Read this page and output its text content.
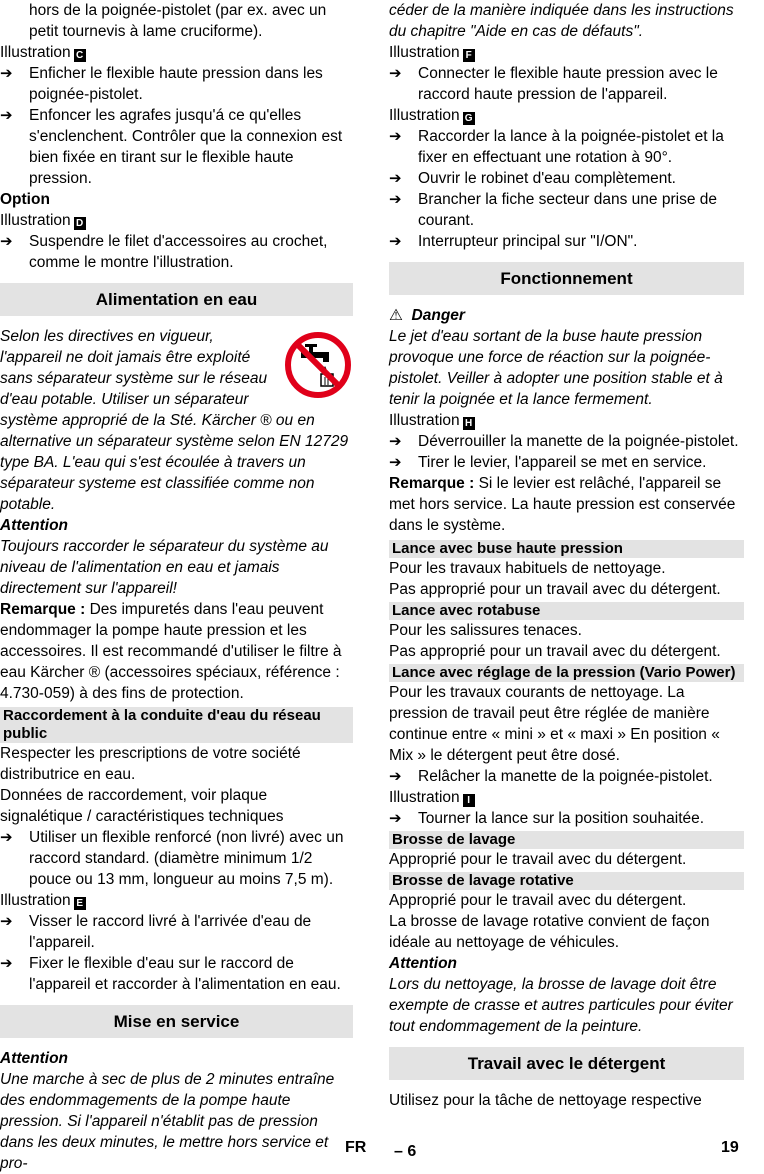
hors de la poignée-pistolet (par ex. avec un petit tournevis à lame cruciforme).

Illustration C

➔	Enficher le flexible haute pression dans les poignée-pistolet.
➔	Enfoncer les agrafes jusqu'á ce qu'elles s'enclenchent. Contrôler que la connexion est bien fixée en tirant sur le flexible haute pression.

Option

Illustration D

➔	Suspendre le filet d'accessoires au crochet, comme le montre l'illustration.
Alimentation en eau

Selon les directives en vigueur, l'appareil ne doit jamais être exploité sans séparateur système sur le réseau d'eau potable. Utiliser un séparateur système approprié de la Sté. Kärcher ® ou en alternative un séparateur système selon EN 12729 type BA. L'eau qui s'est écoulée à travers un séparateur systeme est classifiée comme non potable.

Attention

Toujours raccorder le séparateur du système au niveau de l'alimentation en eau et jamais directement sur l'appareil!

Remarque : Des impuretés dans l'eau peuvent endommager la pompe haute pression et les accessoires. Il est recommandé d'utiliser le filtre à eau Kärcher ® (accessoires spéciaux, référence : 4.730-059) à des fins de protection.

Raccordement à la conduite d'eau du réseau public

Respecter les prescriptions de votre société distributrice en eau.

Données de raccordement, voir plaque signalétique / caractéristiques techniques

➔	Utiliser un flexible renforcé (non livré) avec un raccord standard. (diamètre minimum 1/2 pouce ou 13 mm, longueur au moins 7,5 m).

Illustration E

➔	Visser le raccord livré à l'arrivée d'eau de l'appareil.
➔	Fixer le flexible d'eau sur le raccord de l'appareil et raccorder à l'alimentation en eau.
Mise en service

Attention

Une marche à sec de plus de 2 minutes entraîne des endommagements de la pompe haute pression. Si l'appareil n'établit pas de pression dans les deux minutes, le mettre hors service et pro-

céder de la manière indiquée dans les instructions du chapitre "Aide en cas de défauts".

Illustration F

➔	Connecter le flexible haute pression avec le raccord haute pression de l'appareil.

Illustration G

➔	Raccorder la lance à la poignée-pistolet et la fixer en effectuant une rotation à 90°.
➔	Ouvrir le robinet d'eau complètement.
➔	Brancher la fiche secteur dans une prise de courant.
➔	Interrupteur principal sur "I/ON".
Fonctionnement

⚠ Danger

Le jet d'eau sortant de la buse haute pression provoque une force de réaction sur la poignée-pistolet. Veiller à adopter une position stable et à tenir la poignée et la lance fermement.

Illustration H

➔	Déverrouiller la manette de la poignée-pistolet.
➔	Tirer le levier, l'appareil se met en service.

Remarque : Si le levier est relâché, l'appareil se met hors service. La haute pression est conservée dans le système.

Lance avec buse haute pression

Pour les travaux habituels de nettoyage.

Pas approprié pour un travail avec du détergent.

Lance avec rotabuse

Pour les salissures tenaces.

Pas approprié pour un travail avec du détergent.

Lance avec réglage de la pression (Vario Power)

Pour les travaux courants de nettoyage. La pression de travail peut être réglée de manière continue entre « mini » et « maxi » En position « Mix » le détergent peut être dosé.

➔	Relâcher la manette de la poignée-pistolet.

Illustration I

➔	Tourner la lance sur la position souhaitée.
Brosse de lavage

Approprié pour le travail avec du détergent.

Brosse de lavage rotative

Approprié pour le travail avec du détergent.

La brosse de lavage rotative convient de façon idéale au nettoyage de véhicules.

Attention

Lors du nettoyage, la brosse de lavage doit être exempte de crasse et autres particules pour éviter tout endommagement de la peinture.

Travail avec le détergent

Utilisez pour la tâche de nettoyage respective

FR – 6	19
